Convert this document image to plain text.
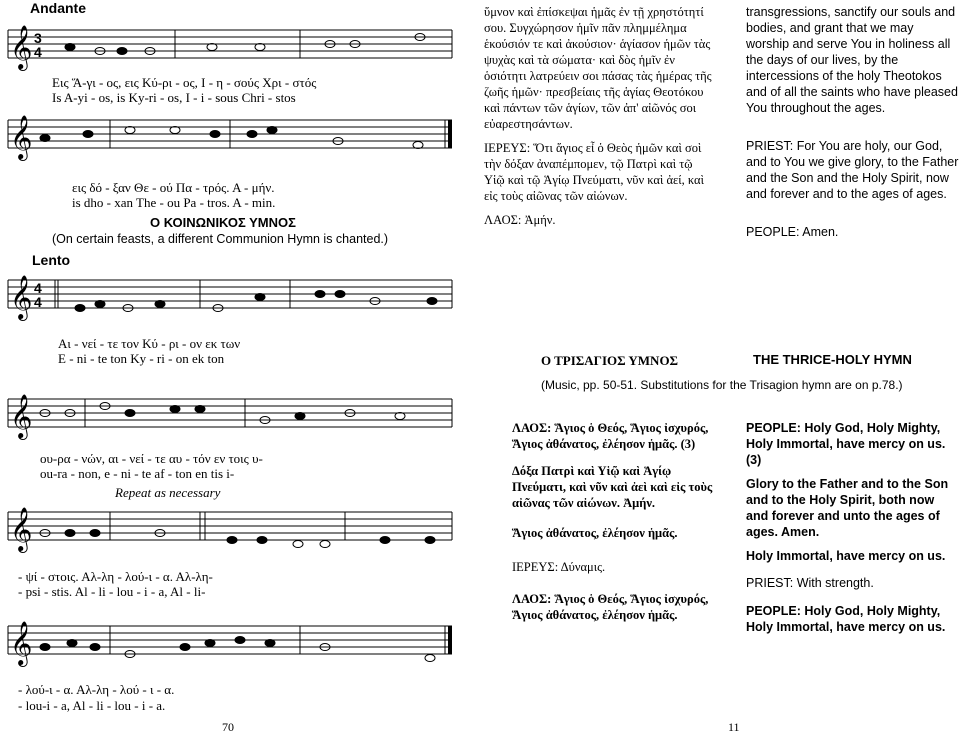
Andante
𝄞 3
4
Εις Ἅ-γι - ος, εις Κύ-ρι - ος, Ι - η - σούς Χρι - στός
Is A-yi - os, is Ky-ri - os, I - i - sous Chri - stos
𝄞
εις δό - ξαν Θε - ού Πα - τρός. Α - μήν.
is dho - xan The - ou Pa - tros. A - min.
Ο ΚΟΙΝΩΝΙΚΟΣ ΥΜΝΟΣ
(On certain feasts, a different Communion Hymn is chanted.)
Lento
𝄞 4
4
Αι - νεί - τε τον Κύ - ρι - ον εκ των
E - ni - te ton Ky - ri - on ek ton
𝄞
ου-ρα - νών, αι - νεί - τε αυ - τόν εν τοις υ-
ou-ra - non, e - ni - te af - ton en tis i-
Repeat as necessary
𝄞
- ψί - στοις. Αλ-λη - λού-ι - α. Αλ-λη-
- psi - stis. Al - li - lou - i - a, Al - li-
𝄞
- λού-ι - α. Αλ-λη - λού - ι - α.
- lou-i - a, Al - li - lou - i - a.
70

ὕμνον καὶ ἐπίσκεψαι ἡμᾶς ἐν τῇ χρηστότητί σου. Συγχώρησον ἡμῖν πᾶν πλημμέλημα ἑκούσιόν τε καὶ ἀκούσιον· ἁγίασον ἡμῶν τὰς ψυχὰς καὶ τὰ σώματα· καὶ δὸς ἡμῖν ἐν ὁσιότητι λατρεύειν σοι πάσας τὰς ἡμέρας τῆς ζωῆς ἡμῶν· πρεσβείαις τῆς ἁγίας Θεοτόκου καὶ πάντων τῶν ἁγίων, τῶν ἀπ' αἰῶνός σοι εὐαρεστησάντων.

ΙΕΡΕΥΣ: Ὅτι ἅγιος εἶ ὁ Θεὸς ἡμῶν καὶ σοὶ τὴν δόξαν ἀναπέμπομεν, τῷ Πατρὶ καὶ τῷ Υἱῷ καὶ τῷ Ἁγίῳ Πνεύματι, νῦν καὶ ἀεί, καὶ εἰς τοὺς αἰῶνας τῶν αἰώνων.

ΛΑΟΣ: Ἀμήν.

transgressions, sanctify our souls and bodies, and grant that we may worship and serve You in holiness all the days of our lives, by the intercessions of the holy Theotokos and of all the saints who have pleased You throughout the ages.

PRIEST: For You are holy, our God, and to You we give glory, to the Father and the Son and the Holy Spirit, now and forever and to the ages of ages.

PEOPLE: Amen.

Ο ΤΡΙΣΑΓΙΟΣ ΥΜΝΟΣ	THE THRICE-HOLY HYMN
(Music, pp. 50-51. Substitutions for the Trisagion hymn are on p.78.)

ΛΑΟΣ: Ἅγιος ὁ Θεός, Ἅγιος ἰσχυρός, Ἅγιος ἀθάνατος, ἐλέησον ἡμᾶς. (3)

Δόξα Πατρὶ καὶ Υἱῷ καὶ Ἁγίῳ Πνεύματι, καὶ νῦν καὶ ἀεὶ καὶ εἰς τοὺς αἰῶνας τῶν αἰώνων. Ἀμήν.

Ἅγιος ἀθάνατος, ἐλέησον ἡμᾶς.

ΙΕΡΕΥΣ: Δύναμις.

ΛΑΟΣ: Ἅγιος ὁ Θεός, Ἅγιος ἰσχυρός, Ἅγιος ἀθάνατος, ἐλέησον ἡμᾶς.

PEOPLE: Holy God, Holy Mighty, Holy Immortal, have mercy on us. (3)

Glory to the Father and to the Son and to the Holy Spirit, both now and forever and unto the ages of ages. Amen.

Holy Immortal, have mercy on us.

PRIEST: With strength.

PEOPLE: Holy God, Holy Mighty, Holy Immortal, have mercy on us.

11
